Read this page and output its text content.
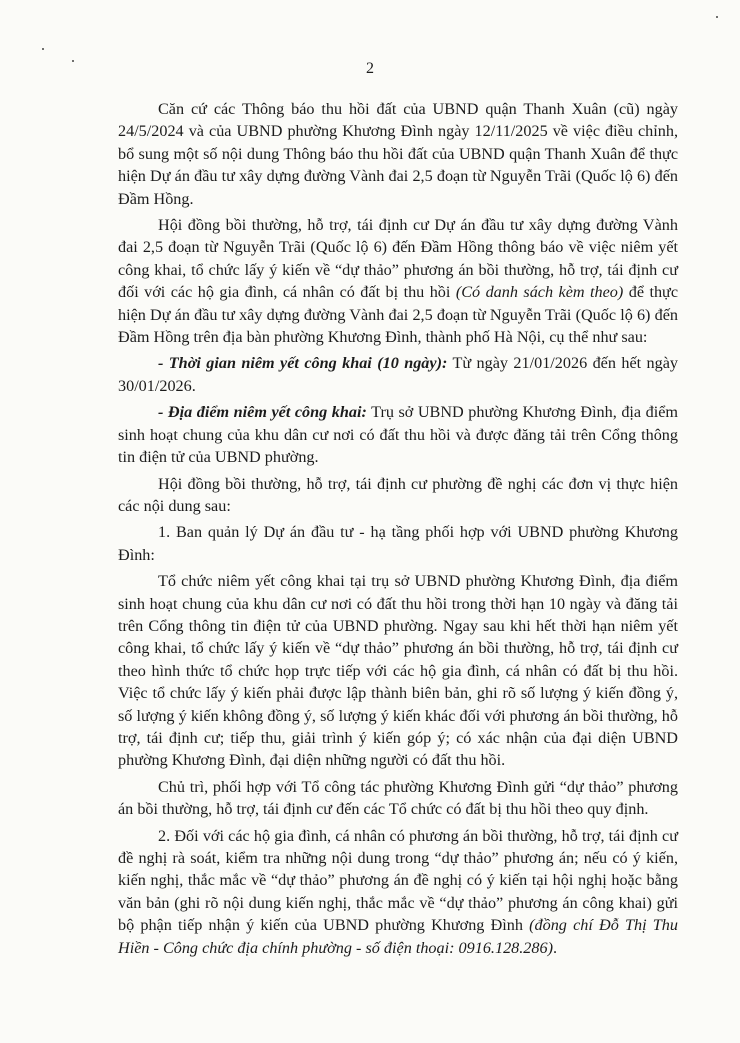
2

Căn cứ các Thông báo thu hồi đất của UBND quận Thanh Xuân (cũ) ngày 24/5/2024 và của UBND phường Khương Đình ngày 12/11/2025 về việc điều chỉnh, bổ sung một số nội dung Thông báo thu hồi đất của UBND quận Thanh Xuân để thực hiện Dự án đầu tư xây dựng đường Vành đai 2,5 đoạn từ Nguyễn Trãi (Quốc lộ 6) đến Đầm Hồng.

Hội đồng bồi thường, hỗ trợ, tái định cư Dự án đầu tư xây dựng đường Vành đai 2,5 đoạn từ Nguyễn Trãi (Quốc lộ 6) đến Đầm Hồng thông báo về việc niêm yết công khai, tổ chức lấy ý kiến về “dự thảo” phương án bồi thường, hỗ trợ, tái định cư đối với các hộ gia đình, cá nhân có đất bị thu hồi (Có danh sách kèm theo) để thực hiện Dự án đầu tư xây dựng đường Vành đai 2,5 đoạn từ Nguyễn Trãi (Quốc lộ 6) đến Đầm Hồng trên địa bàn phường Khương Đình, thành phố Hà Nội, cụ thể như sau:

- Thời gian niêm yết công khai (10 ngày): Từ ngày 21/01/2026 đến hết ngày 30/01/2026.

- Địa điểm niêm yết công khai: Trụ sở UBND phường Khương Đình, địa điểm sinh hoạt chung của khu dân cư nơi có đất thu hồi và được đăng tải trên Cổng thông tin điện tử của UBND phường.

Hội đồng bồi thường, hỗ trợ, tái định cư phường đề nghị các đơn vị thực hiện các nội dung sau:

1. Ban quản lý Dự án đầu tư - hạ tầng phối hợp với UBND phường Khương Đình:

Tổ chức niêm yết công khai tại trụ sở UBND phường Khương Đình, địa điểm sinh hoạt chung của khu dân cư nơi có đất thu hồi trong thời hạn 10 ngày và đăng tải trên Cổng thông tin điện tử của UBND phường. Ngay sau khi hết thời hạn niêm yết công khai, tổ chức lấy ý kiến về “dự thảo” phương án bồi thường, hỗ trợ, tái định cư theo hình thức tổ chức họp trực tiếp với các hộ gia đình, cá nhân có đất bị thu hồi. Việc tổ chức lấy ý kiến phải được lập thành biên bản, ghi rõ số lượng ý kiến đồng ý, số lượng ý kiến không đồng ý, số lượng ý kiến khác đối với phương án bồi thường, hỗ trợ, tái định cư; tiếp thu, giải trình ý kiến góp ý; có xác nhận của đại diện UBND phường Khương Đình, đại diện những người có đất thu hồi.

Chủ trì, phối hợp với Tổ công tác phường Khương Đình gửi “dự thảo” phương án bồi thường, hỗ trợ, tái định cư đến các Tổ chức có đất bị thu hồi theo quy định.

2. Đối với các hộ gia đình, cá nhân có phương án bồi thường, hỗ trợ, tái định cư đề nghị rà soát, kiểm tra những nội dung trong “dự thảo” phương án; nếu có ý kiến, kiến nghị, thắc mắc về “dự thảo” phương án đề nghị có ý kiến tại hội nghị hoặc bằng văn bản (ghi rõ nội dung kiến nghị, thắc mắc về “dự thảo” phương án công khai) gửi bộ phận tiếp nhận ý kiến của UBND phường Khương Đình (đồng chí Đỗ Thị Thu Hiền - Công chức địa chính phường - số điện thoại: 0916.128.286).
